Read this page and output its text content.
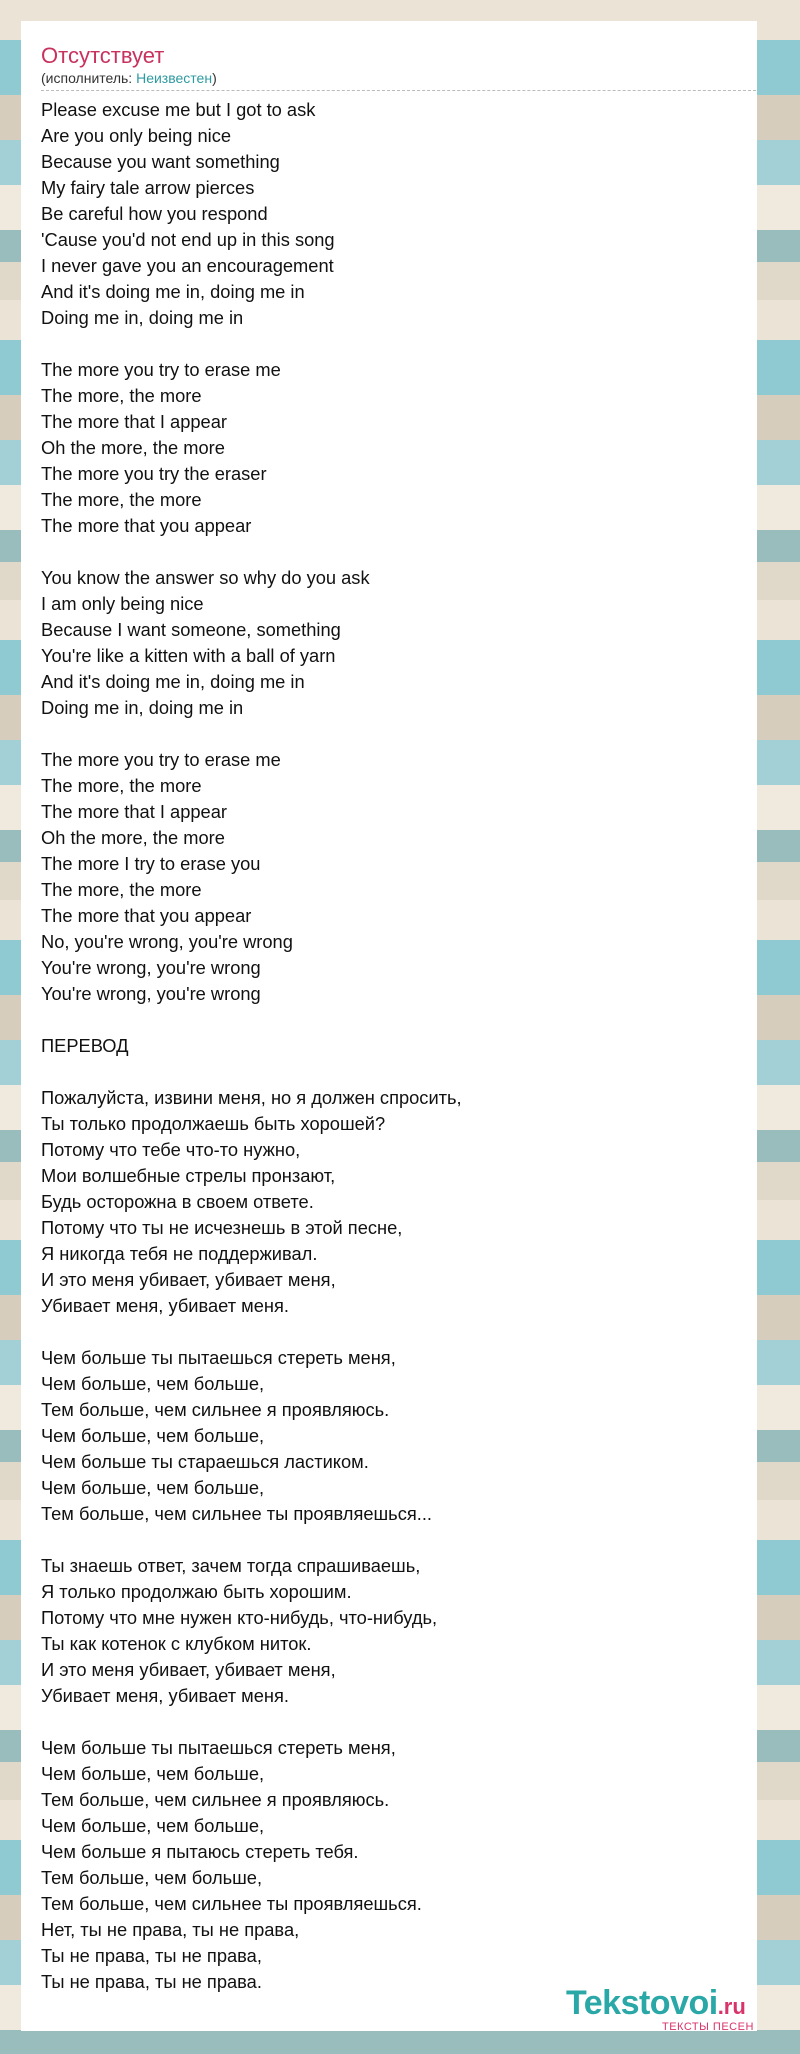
Отсутствует
(исполнитель: Неизвестен)
Please excuse me but I got to ask
Are you only being nice
Because you want something
My fairy tale arrow pierces
Be careful how you respond
'Cause you'd not end up in this song
I never gave you an encouragement
And it's doing me in, doing me in
Doing me in, doing me in
The more you try to erase me
The more, the more
The more that I appear
Oh the more, the more
The more you try the eraser
The more, the more
The more that you appear
You know the answer so why do you ask
I am only being nice
Because I want someone, something
You're like a kitten with a ball of yarn
And it's doing me in, doing me in
Doing me in, doing me in
The more you try to erase me
The more, the more
The more that I appear
Oh the more, the more
The more I try to erase you
The more, the more
The more that you appear
No, you're wrong, you're wrong
You're wrong, you're wrong
You're wrong, you're wrong
ПЕРЕВОД
Пожалуйста, извини меня, но я должен спросить,
Ты только продолжаешь быть хорошей?
Потому что тебе что-то нужно,
Мои волшебные стрелы пронзают,
Будь осторожна в своем ответе.
Потому что ты не исчезнешь в этой песне,
Я никогда тебя не поддерживал.
И это меня убивает, убивает меня,
Убивает меня, убивает меня.
Чем больше ты пытаешься стереть меня,
Чем больше, чем больше,
Тем больше, чем сильнее я проявляюсь.
Чем больше, чем больше,
Чем больше ты стараешься ластиком.
Чем больше, чем больше,
Тем больше, чем сильнее ты проявляешься...
Ты знаешь ответ, зачем тогда спрашиваешь,
Я только продолжаю быть хорошим.
Потому что мне нужен кто-нибудь, что-нибудь,
Ты как котенок с клубком ниток.
И это меня убивает, убивает меня,
Убивает меня, убивает меня.
Чем больше ты пытаешься стереть меня,
Чем больше, чем больше,
Тем больше, чем сильнее я проявляюсь.
Чем больше, чем больше,
Чем больше я пытаюсь стереть тебя.
Тем больше, чем больше,
Тем больше, чем сильнее ты проявляешься.
Нет, ты не права, ты не права,
Ты не права, ты не права,
Ты не права, ты не права.
Tekstovoi.ru
ТЕКСТЫ ПЕСЕН
